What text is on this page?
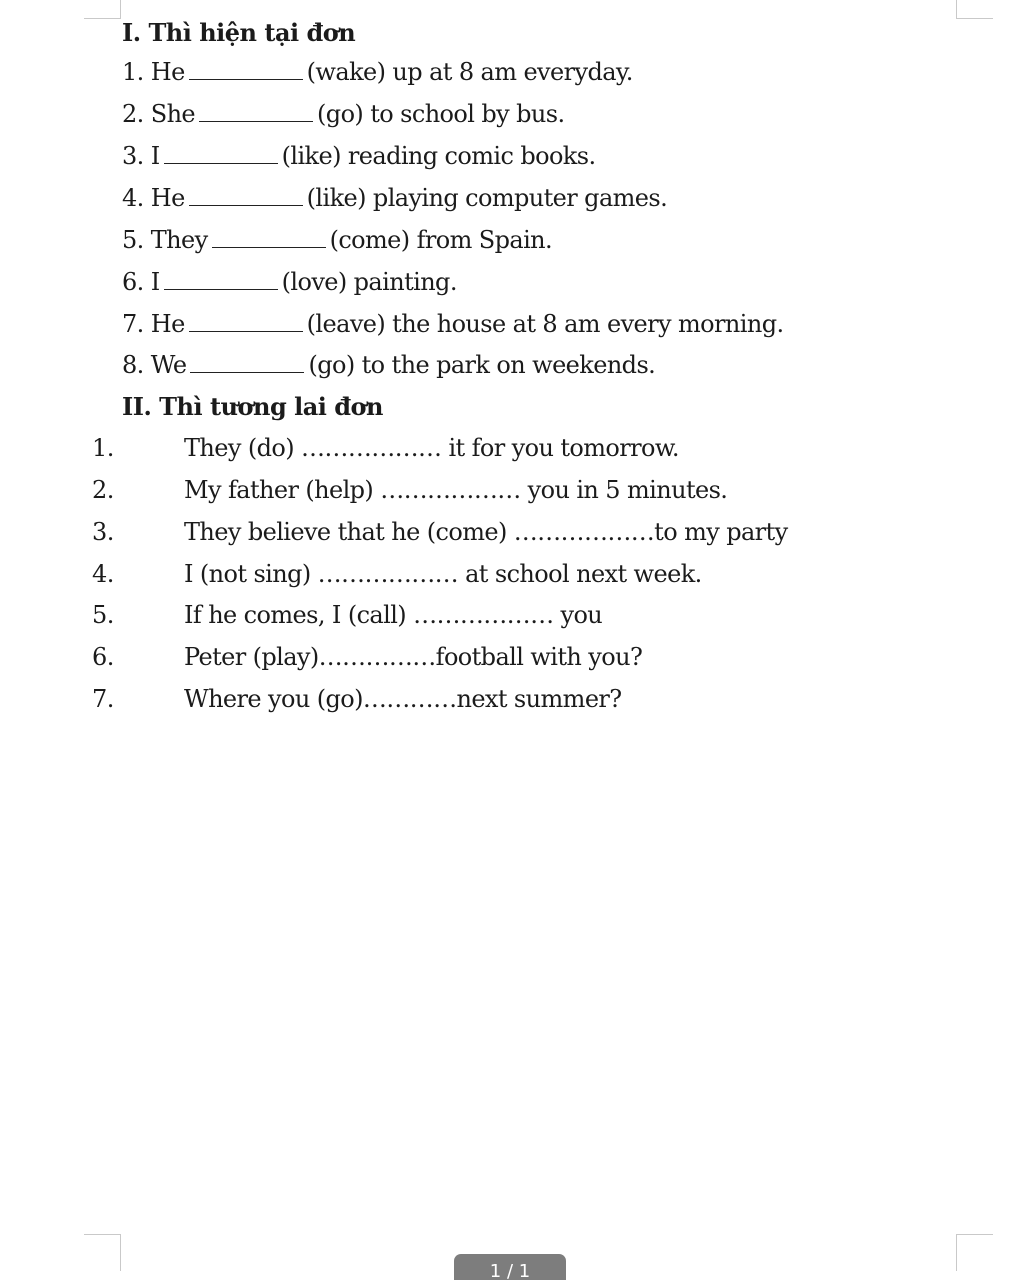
I. Thì hiện tại đơn
1.
He	(wake) up at 8 am everyday.
2.
She	(go) to school by bus.
3.
I	(like) reading comic books.
4.
He	(like) playing computer games.
5.
They	(come) from Spain.
6.
I	(love) painting.
7.
He	(leave) the house at 8 am every morning.
8.
We	(go) to the park on weekends.
II. Thì tương lai đơn
1.	They (do) ……………… it for you tomorrow.
2.	My father (help) ……………… you in 5 minutes.
3.	They believe that he (come) ………………to my party
4.	I (not sing) ……………… at school next week.
5.	If he comes, I (call) ……………… you
6.	Peter (play)……………football with you?
7.	Where you (go)…………next summer?
1 / 1
